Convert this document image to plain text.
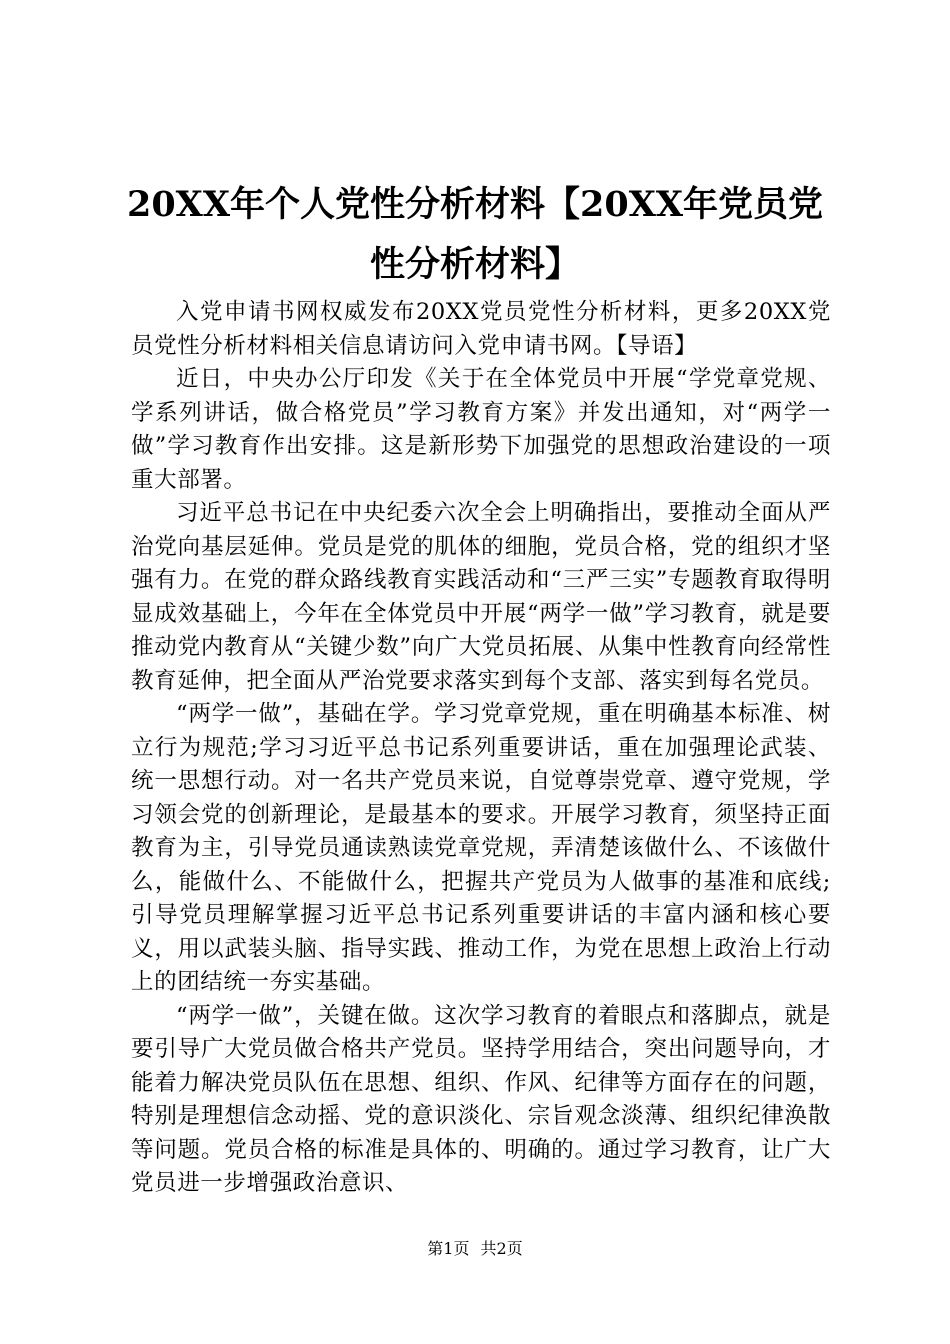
20XX年个人党性分析材料【20XX年党员党性分析材料】

入党申请书网权威发布20XX党员党性分析材料，更多20XX党员党性分析材料相关信息请访问入党申请书网。【导语】

近日，中央办公厅印发《关于在全体党员中开展“学党章党规、学系列讲话，做合格党员”学习教育方案》并发出通知，对“两学一做”学习教育作出安排。这是新形势下加强党的思想政治建设的一项重大部署。

习近平总书记在中央纪委六次全会上明确指出，要推动全面从严治党向基层延伸。党员是党的肌体的细胞，党员合格，党的组织才坚强有力。在党的群众路线教育实践活动和“三严三实”专题教育取得明显成效基础上，今年在全体党员中开展“两学一做”学习教育，就是要推动党内教育从“关键少数”向广大党员拓展、从集中性教育向经常性教育延伸，把全面从严治党要求落实到每个支部、落实到每名党员。

“两学一做”，基础在学。学习党章党规，重在明确基本标准、树立行为规范;学习习近平总书记系列重要讲话，重在加强理论武装、统一思想行动。对一名共产党员来说，自觉尊崇党章、遵守党规，学习领会党的创新理论，是最基本的要求。开展学习教育，须坚持正面教育为主，引导党员通读熟读党章党规，弄清楚该做什么、不该做什么，能做什么、不能做什么，把握共产党员为人做事的基准和底线;引导党员理解掌握习近平总书记系列重要讲话的丰富内涵和核心要义，用以武装头脑、指导实践、推动工作，为党在思想上政治上行动上的团结统一夯实基础。

“两学一做”，关键在做。这次学习教育的着眼点和落脚点，就是要引导广大党员做合格共产党员。坚持学用结合，突出问题导向，才能着力解决党员队伍在思想、组织、作风、纪律等方面存在的问题，特别是理想信念动摇、党的意识淡化、宗旨观念淡薄、组织纪律涣散等问题。党员合格的标准是具体的、明确的。通过学习教育，让广大党员进一步增强政治意识、

第1页 共2页
